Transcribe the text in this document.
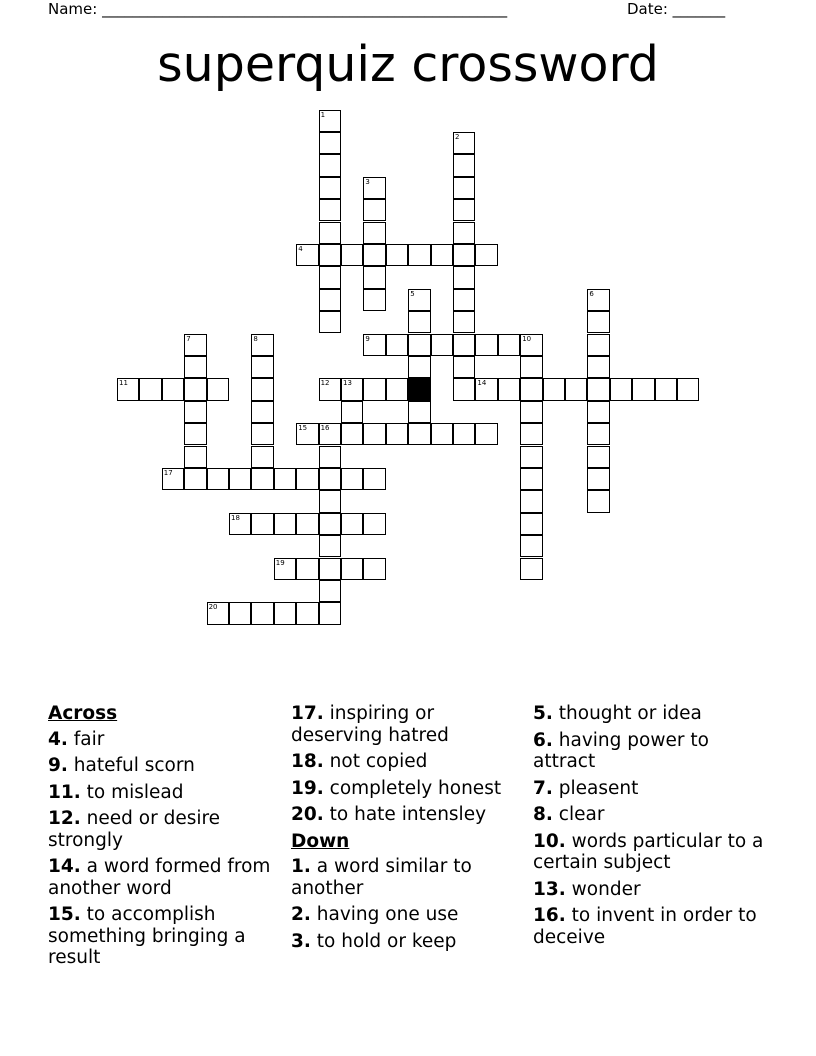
Name: ______________________________________________________

	Date: _______

superquiz crossword
1
2
3
4
5	6
7	8	9	10
11	12 13	14
15 16
17
18
19
20
Across
4. fair
9. hateful scorn
11. to mislead
12. need or desire strongly
14. a word formed from another word
15. to accomplish something bringing a result
17. inspiring or deserving hatred
18. not copied
19. completely honest
20. to hate intensley
Down
1. a word similar to another
2. having one use
3. to hold or keep
5. thought or idea
6. having power to attract
7. pleasent
8. clear
10. words particular to a certain subject
13. wonder
16. to invent in order to deceive
